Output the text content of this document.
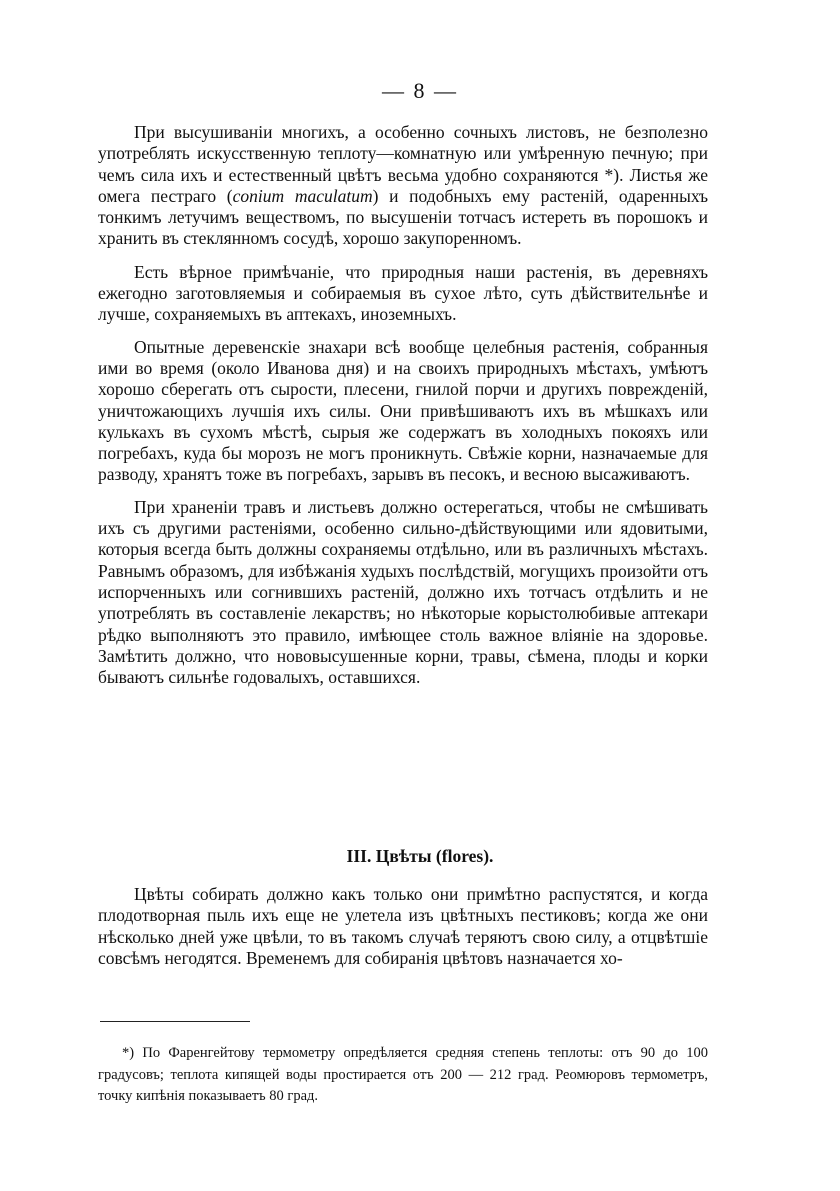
— 8 —

При высушиваніи многихъ, а особенно сочныхъ листовъ, не безполезно употреблять искусственную теплоту—комнатную или умѣренную печную; при чемъ сила ихъ и естественный цвѣтъ весьма удобно сохраняются *). Листья же омега пестраго (conium maculatum) и подобныхъ ему растеній, одаренныхъ тонкимъ летучимъ веществомъ, по высушеніи тотчасъ истереть въ порошокъ и хранить въ стеклянномъ сосудѣ, хорошо закупоренномъ.

Есть вѣрное примѣчаніе, что природныя наши растенія, въ деревняхъ ежегодно заготовляемыя и собираемыя въ сухое лѣто, суть дѣйствительнѣе и лучше, сохраняемыхъ въ аптекахъ, иноземныхъ.

Опытные деревенскіе знахари всѣ вообще целебныя растенія, собранныя ими во время (около Иванова дня) и на своихъ природныхъ мѣстахъ, умѣютъ хорошо сберегать отъ сырости, плесени, гнилой порчи и другихъ поврежденій, уничтожающихъ лучшія ихъ силы. Они привѣшиваютъ ихъ въ мѣшкахъ или кулькахъ въ сухомъ мѣстѣ, сырыя же содержатъ въ холодныхъ покояхъ или погребахъ, куда бы морозъ не могъ проникнуть. Свѣжіе корни, назначаемые для разводу, хранятъ тоже въ погребахъ, зарывъ въ песокъ, и весною высаживаютъ.

При храненіи травъ и листьевъ должно остерегаться, чтобы не смѣшивать ихъ съ другими растеніями, особенно сильно-дѣйствующими или ядовитыми, которыя всегда быть должны сохраняемы отдѣльно, или въ различныхъ мѣстахъ. Равнымъ образомъ, для избѣжанія худыхъ послѣдствій, могущихъ произойти отъ испорченныхъ или согнившихъ растеній, должно ихъ тотчасъ отдѣлить и не употреблять въ составленіе лекарствъ; но нѣкоторые корыстолюбивые аптекари рѣдко выполняютъ это правило, имѣющее столь важное вліяніе на здоровье. Замѣтить должно, что нововысушенные корни, травы, сѣмена, плоды и корки бываютъ сильнѣе годовалыхъ, оставшихся.

III. Цвѣты (flores).

Цвѣты собирать должно какъ только они примѣтно распустятся, и когда плодотворная пыль ихъ еще не улетела изъ цвѣтныхъ пестиковъ; когда же они нѣсколько дней уже цвѣли, то въ такомъ случаѣ теряютъ свою силу, а отцвѣтшіе совсѣмъ негодятся. Временемъ для собиранія цвѣтовъ назначается хо-

*) По Фаренгейтову термометру опредѣляется средняя степень теплоты: отъ 90 до 100 градусовъ; теплота кипящей воды простирается отъ 200 — 212 град. Реомюровъ термометръ, точку кипѣнія показываетъ 80 град.
